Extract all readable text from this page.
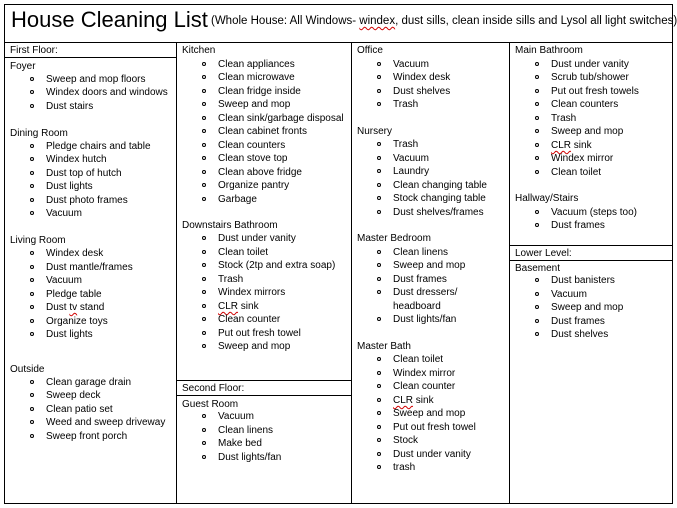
House Cleaning List (Whole House: All Windows- windex, dust sills, clean inside sills and Lysol all light switches)
First Floor:
Foyer
Sweep and mop floors
Windex doors and windows
Dust stairs
Dining Room
Pledge chairs and table
Windex hutch
Dust top of hutch
Dust lights
Dust photo frames
Vacuum
Living Room
Windex desk
Dust mantle/frames
Vacuum
Pledge table
Dust tv stand
Organize toys
Dust lights
Outside
Clean garage drain
Sweep deck
Clean patio set
Weed and sweep driveway
Sweep front porch
Kitchen
Clean appliances
Clean microwave
Clean fridge inside
Sweep and mop
Clean sink/garbage disposal
Clean cabinet fronts
Clean counters
Clean stove top
Clean above fridge
Organize pantry
Garbage
Downstairs Bathroom
Dust under vanity
Clean toilet
Stock (2tp and extra soap)
Trash
Windex mirrors
CLR sink
Clean counter
Put out fresh towel
Sweep and mop
Second Floor:
Guest Room
Vacuum
Clean linens
Make bed
Dust lights/fan
Office
Vacuum
Windex desk
Dust shelves
Trash
Nursery
Trash
Vacuum
Laundry
Clean changing table
Stock changing table
Dust shelves/frames
Master Bedroom
Clean linens
Sweep and mop
Dust frames
Dust dressers/
headboard
Dust lights/fan
Master Bath
Clean toilet
Windex mirror
Clean counter
CLR sink
Sweep and mop
Put out fresh towel
Stock
Dust under vanity
trash
Main Bathroom
Dust under vanity
Scrub tub/shower
Put out fresh towels
Clean counters
Trash
Sweep and mop
CLR sink
Windex mirror
Clean toilet
Hallway/Stairs
Vacuum (steps too)
Dust frames
Lower Level:
Basement
Dust banisters
Vacuum
Sweep and mop
Dust frames
Dust shelves
